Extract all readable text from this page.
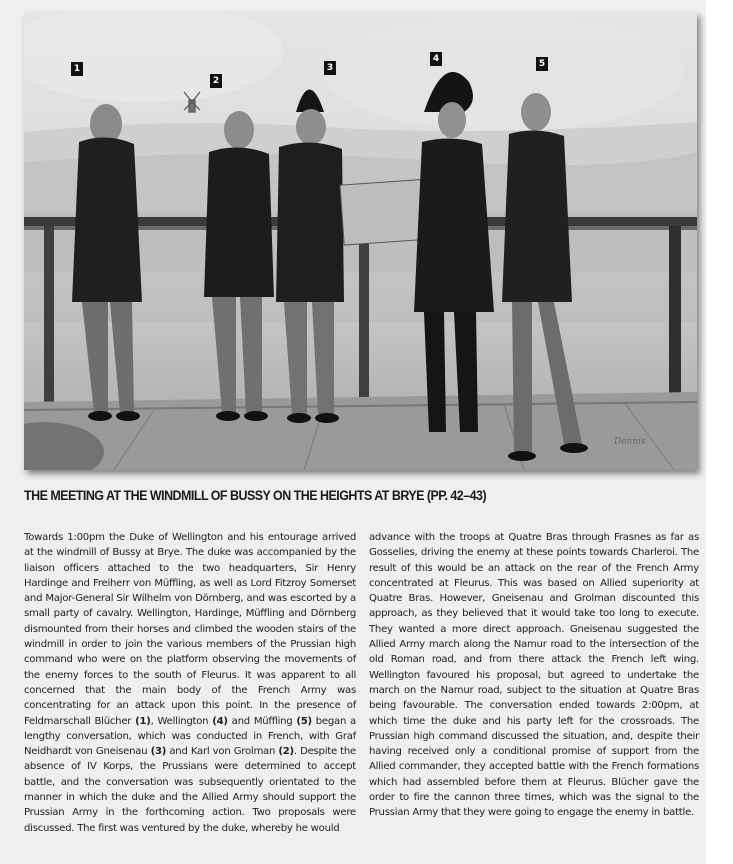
1
2
3
4	5
Dennis
THE MEETING AT THE WINDMILL OF BUSSY ON THE HEIGHTS AT BRYE (PP. 42–43)
Towards 1:00pm the Duke of Wellington and his entourage arrived at the windmill of Bussy at Brye. The duke was accompanied by the liaison officers attached to the two headquarters, Sir Henry Hardinge and Freiherr von Müffling, as well as Lord Fitzroy Somerset and Major-General Sir Wilhelm von Dörnberg, and was escorted by a small party of cavalry. Wellington, Hardinge, Müffling and Dörnberg dismounted from their horses and climbed the wooden stairs of the windmill in order to join the various members of the Prussian high command who were on the platform observing the movements of the enemy forces to the south of Fleurus. It was apparent to all concerned that the main body of the French Army was concentrating for an attack upon this point. In the presence of Feldmarschall Blücher (1), Wellington (4) and Müffling (5) began a lengthy conversation, which was conducted in French, with Graf Neidhardt von Gneisenau (3) and Karl von Grolman (2). Despite the absence of IV Korps, the Prussians were determined to accept battle, and the conversation was subsequently orientated to the manner in which the duke and the Allied Army should support the Prussian Army in the forthcoming action. Two proposals were discussed. The first was ventured by the duke, whereby he would
advance with the troops at Quatre Bras through Frasnes as far as Gosselies, driving the enemy at these points towards Charleroi. The result of this would be an attack on the rear of the French Army concentrated at Fleurus. This was based on Allied superiority at Quatre Bras. However, Gneisenau and Grolman discounted this approach, as they believed that it would take too long to execute. They wanted a more direct approach. Gneisenau suggested the Allied Army march along the Namur road to the intersection of the old Roman road, and from there attack the French left wing. Wellington favoured his proposal, but agreed to undertake the march on the Namur road, subject to the situation at Quatre Bras being favourable. The conversation ended towards 2:00pm, at which time the duke and his party left for the crossroads. The Prussian high command discussed the situation, and, despite their having received only a conditional promise of support from the Allied commander, they accepted battle with the French formations which had assembled before them at Fleurus. Blücher gave the order to fire the cannon three times, which was the signal to the Prussian Army that they were going to engage the enemy in battle.
